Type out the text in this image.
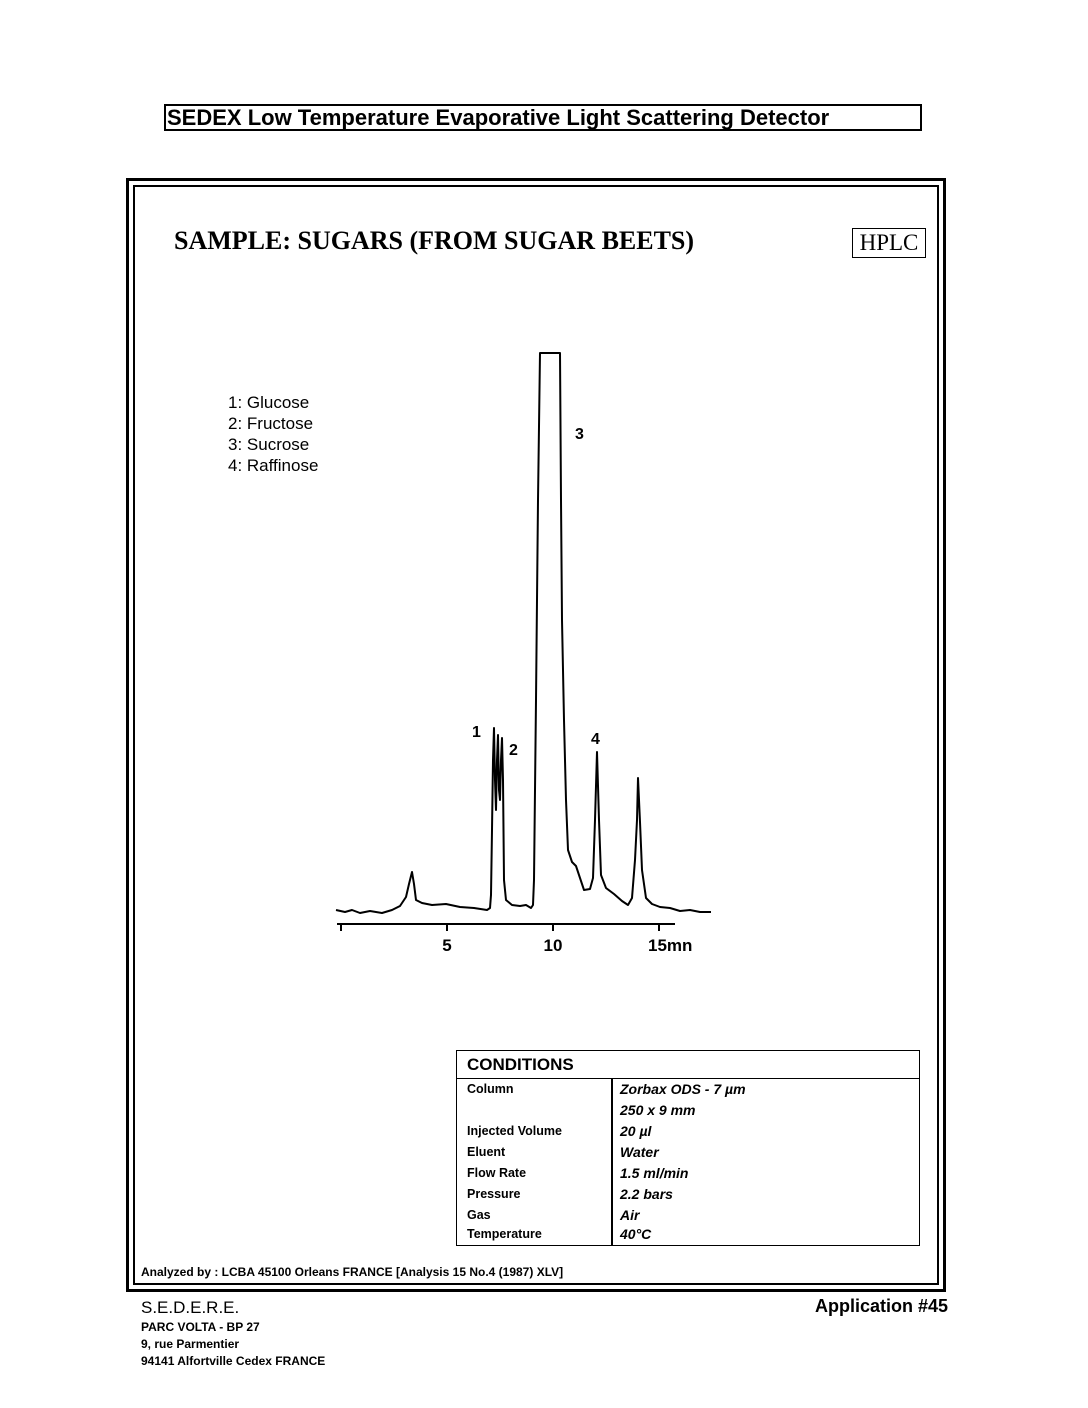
SEDEX Low Temperature Evaporative Light Scattering Detector
SAMPLE: SUGARS (FROM SUGAR BEETS)	HPLC
1: Glucose
2: Fructose
3: Sucrose
4: Raffinose
5	10	15mn
1
2
3
4
CONDITIONS
Column	Zorbax ODS - 7 µm
250 x 9 mm
Injected Volume	20 µl
Eluent	Water
Flow Rate	1.5 ml/min
Pressure	2.2 bars
Gas	Air
Temperature	40°C
Analyzed by : LCBA 45100 Orleans FRANCE [Analysis 15 No.4 (1987) XLV]
S.E.D.E.R.E.
PARC VOLTA - BP 27
9, rue Parmentier
94141 Alfortville Cedex FRANCE
Application #45
